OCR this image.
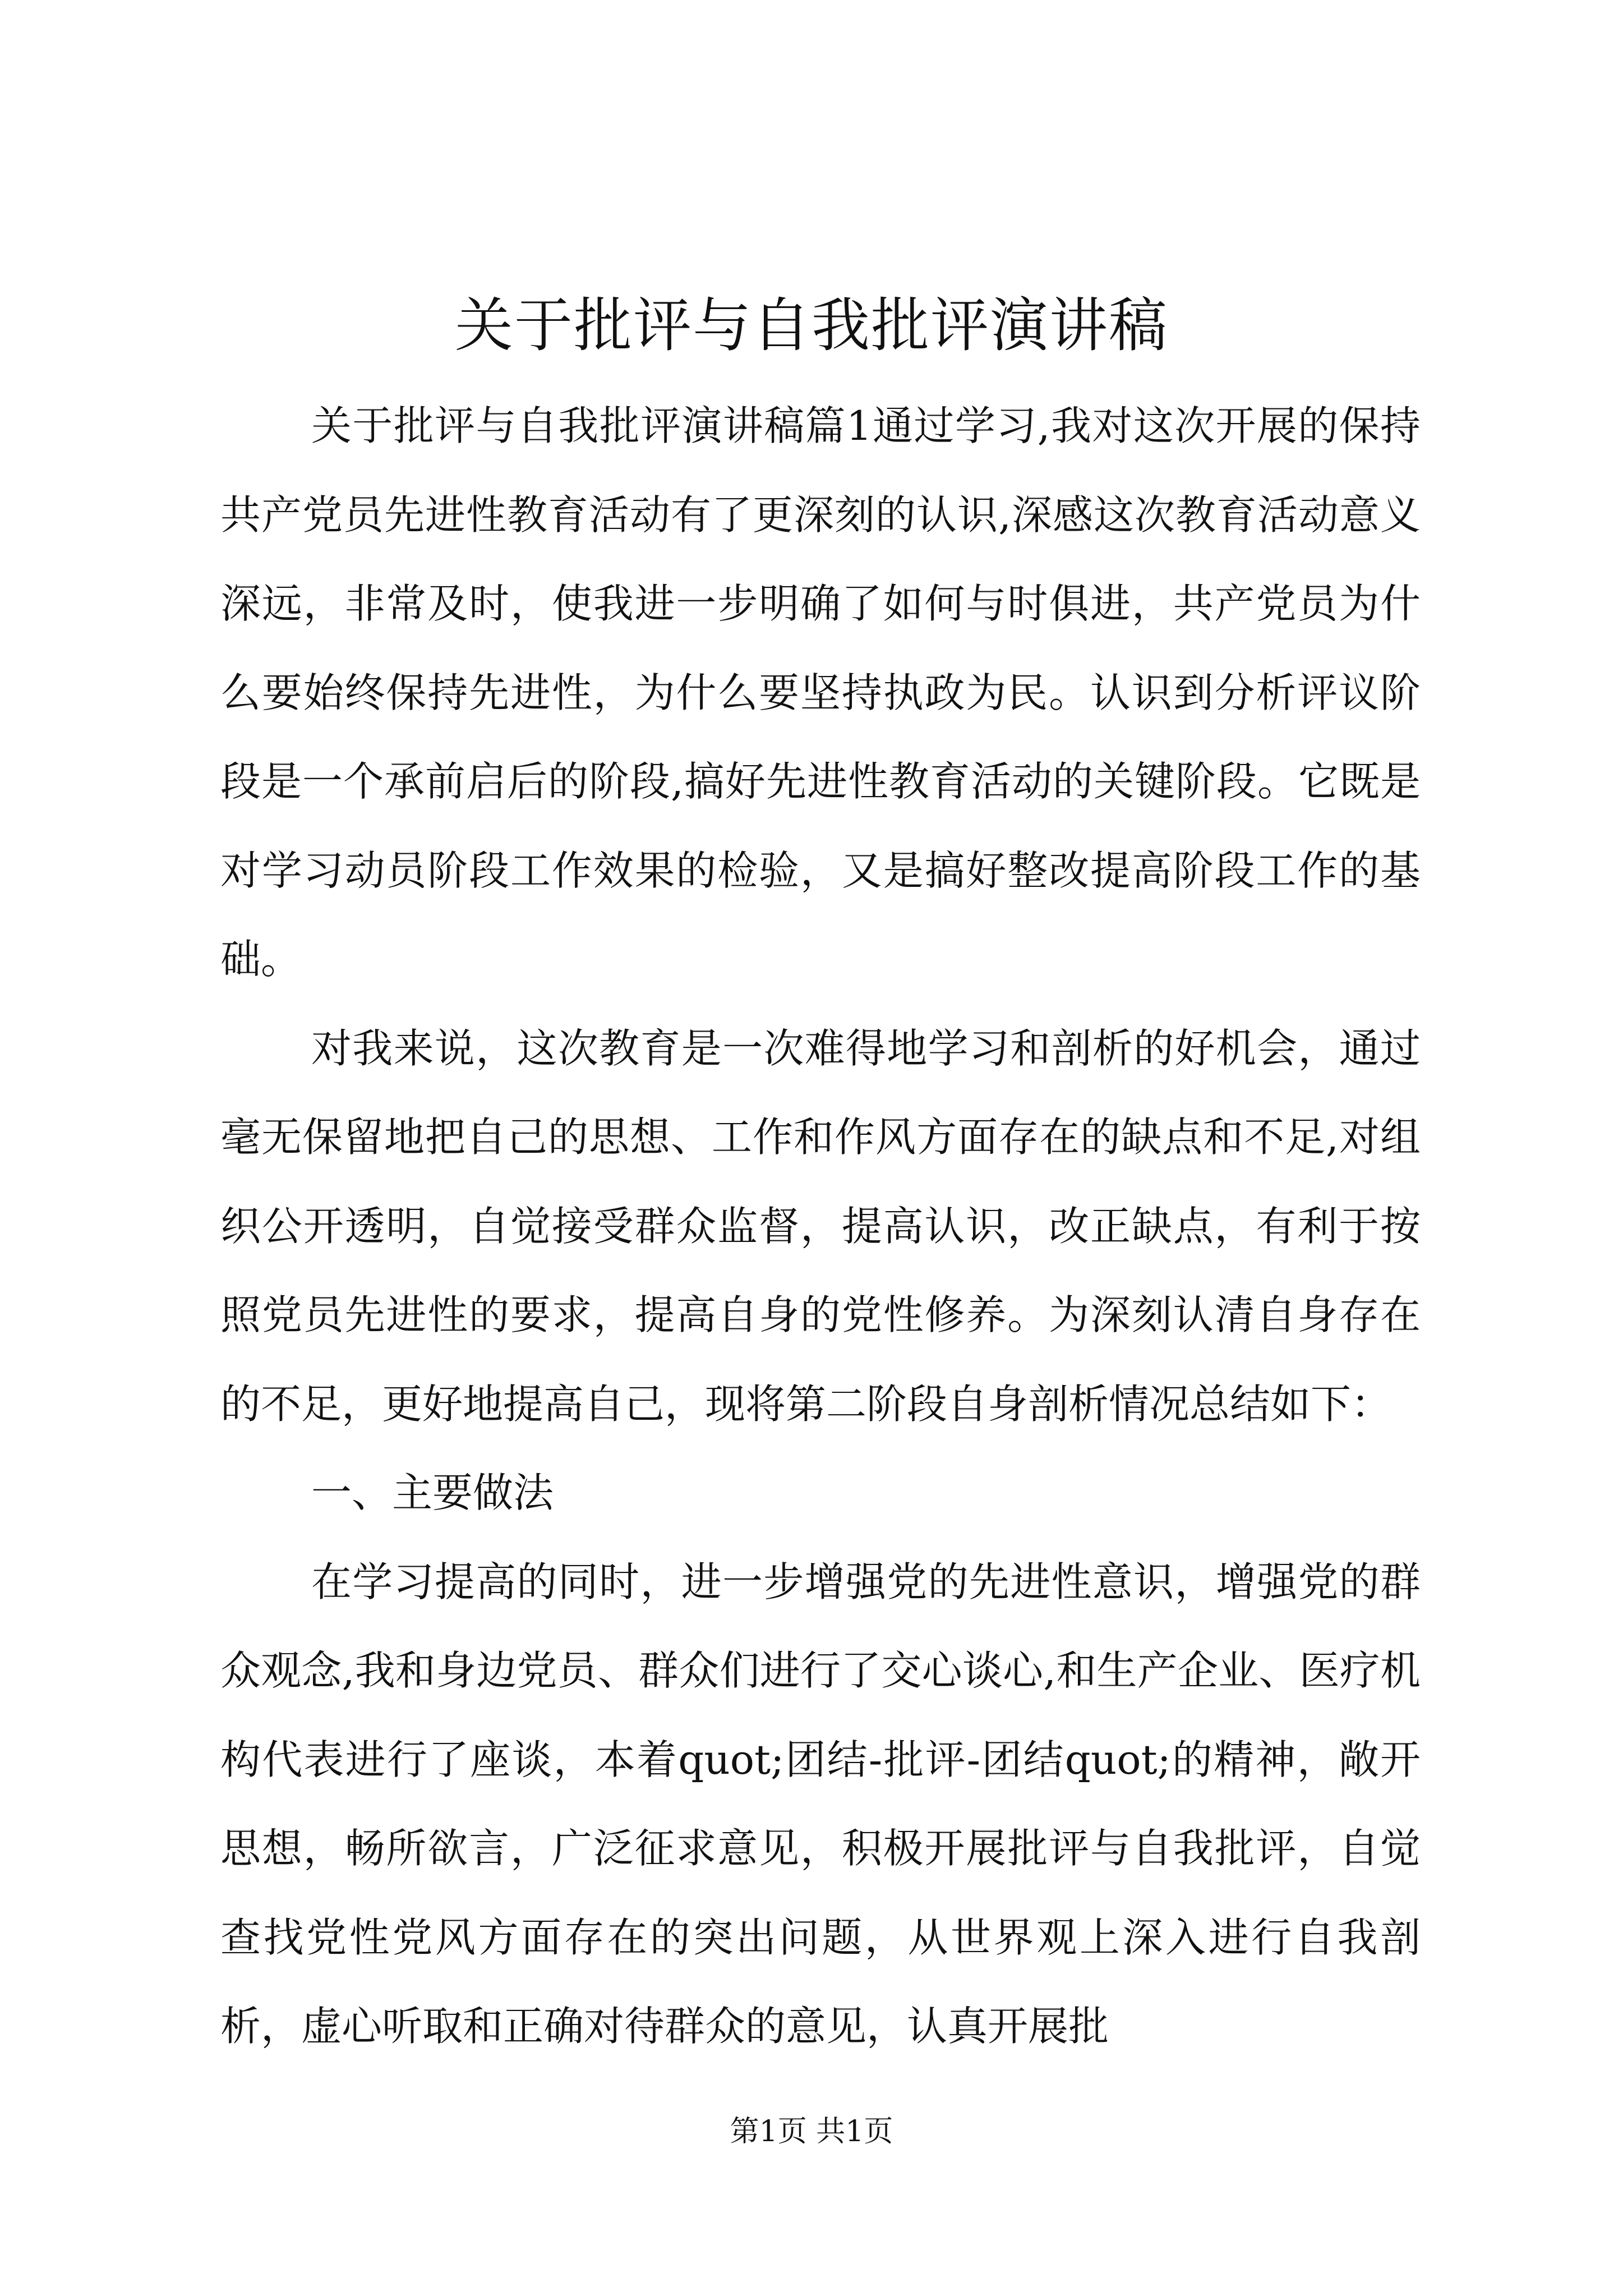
关于批评与自我批评演讲稿

关于批评与自我批评演讲稿篇1通过学习,我对这次开展的保持共产党员先进性教育活动有了更深刻的认识,深感这次教育活动意义深远，非常及时，使我进一步明确了如何与时俱进，共产党员为什么要始终保持先进性，为什么要坚持执政为民。认识到分析评议阶段是一个承前启后的阶段,搞好先进性教育活动的关键阶段。它既是对学习动员阶段工作效果的检验，又是搞好整改提高阶段工作的基础。

对我来说，这次教育是一次难得地学习和剖析的好机会，通过毫无保留地把自己的思想、工作和作风方面存在的缺点和不足,对组织公开透明，自觉接受群众监督，提高认识，改正缺点，有利于按照党员先进性的要求，提高自身的党性修养。为深刻认清自身存在的不足，更好地提高自己，现将第二阶段自身剖析情况总结如下：

一、主要做法

在学习提高的同时，进一步增强党的先进性意识，增强党的群众观念,我和身边党员、群众们进行了交心谈心,和生产企业、医疗机构代表进行了座谈，本着quot;团结-批评-团结quot;的精神，敞开思想，畅所欲言，广泛征求意见，积极开展批评与自我批评，自觉查找党性党风方面存在的突出问题，从世界观上深入进行自我剖析，虚心听取和正确对待群众的意见，认真开展批

第1页 共1页
